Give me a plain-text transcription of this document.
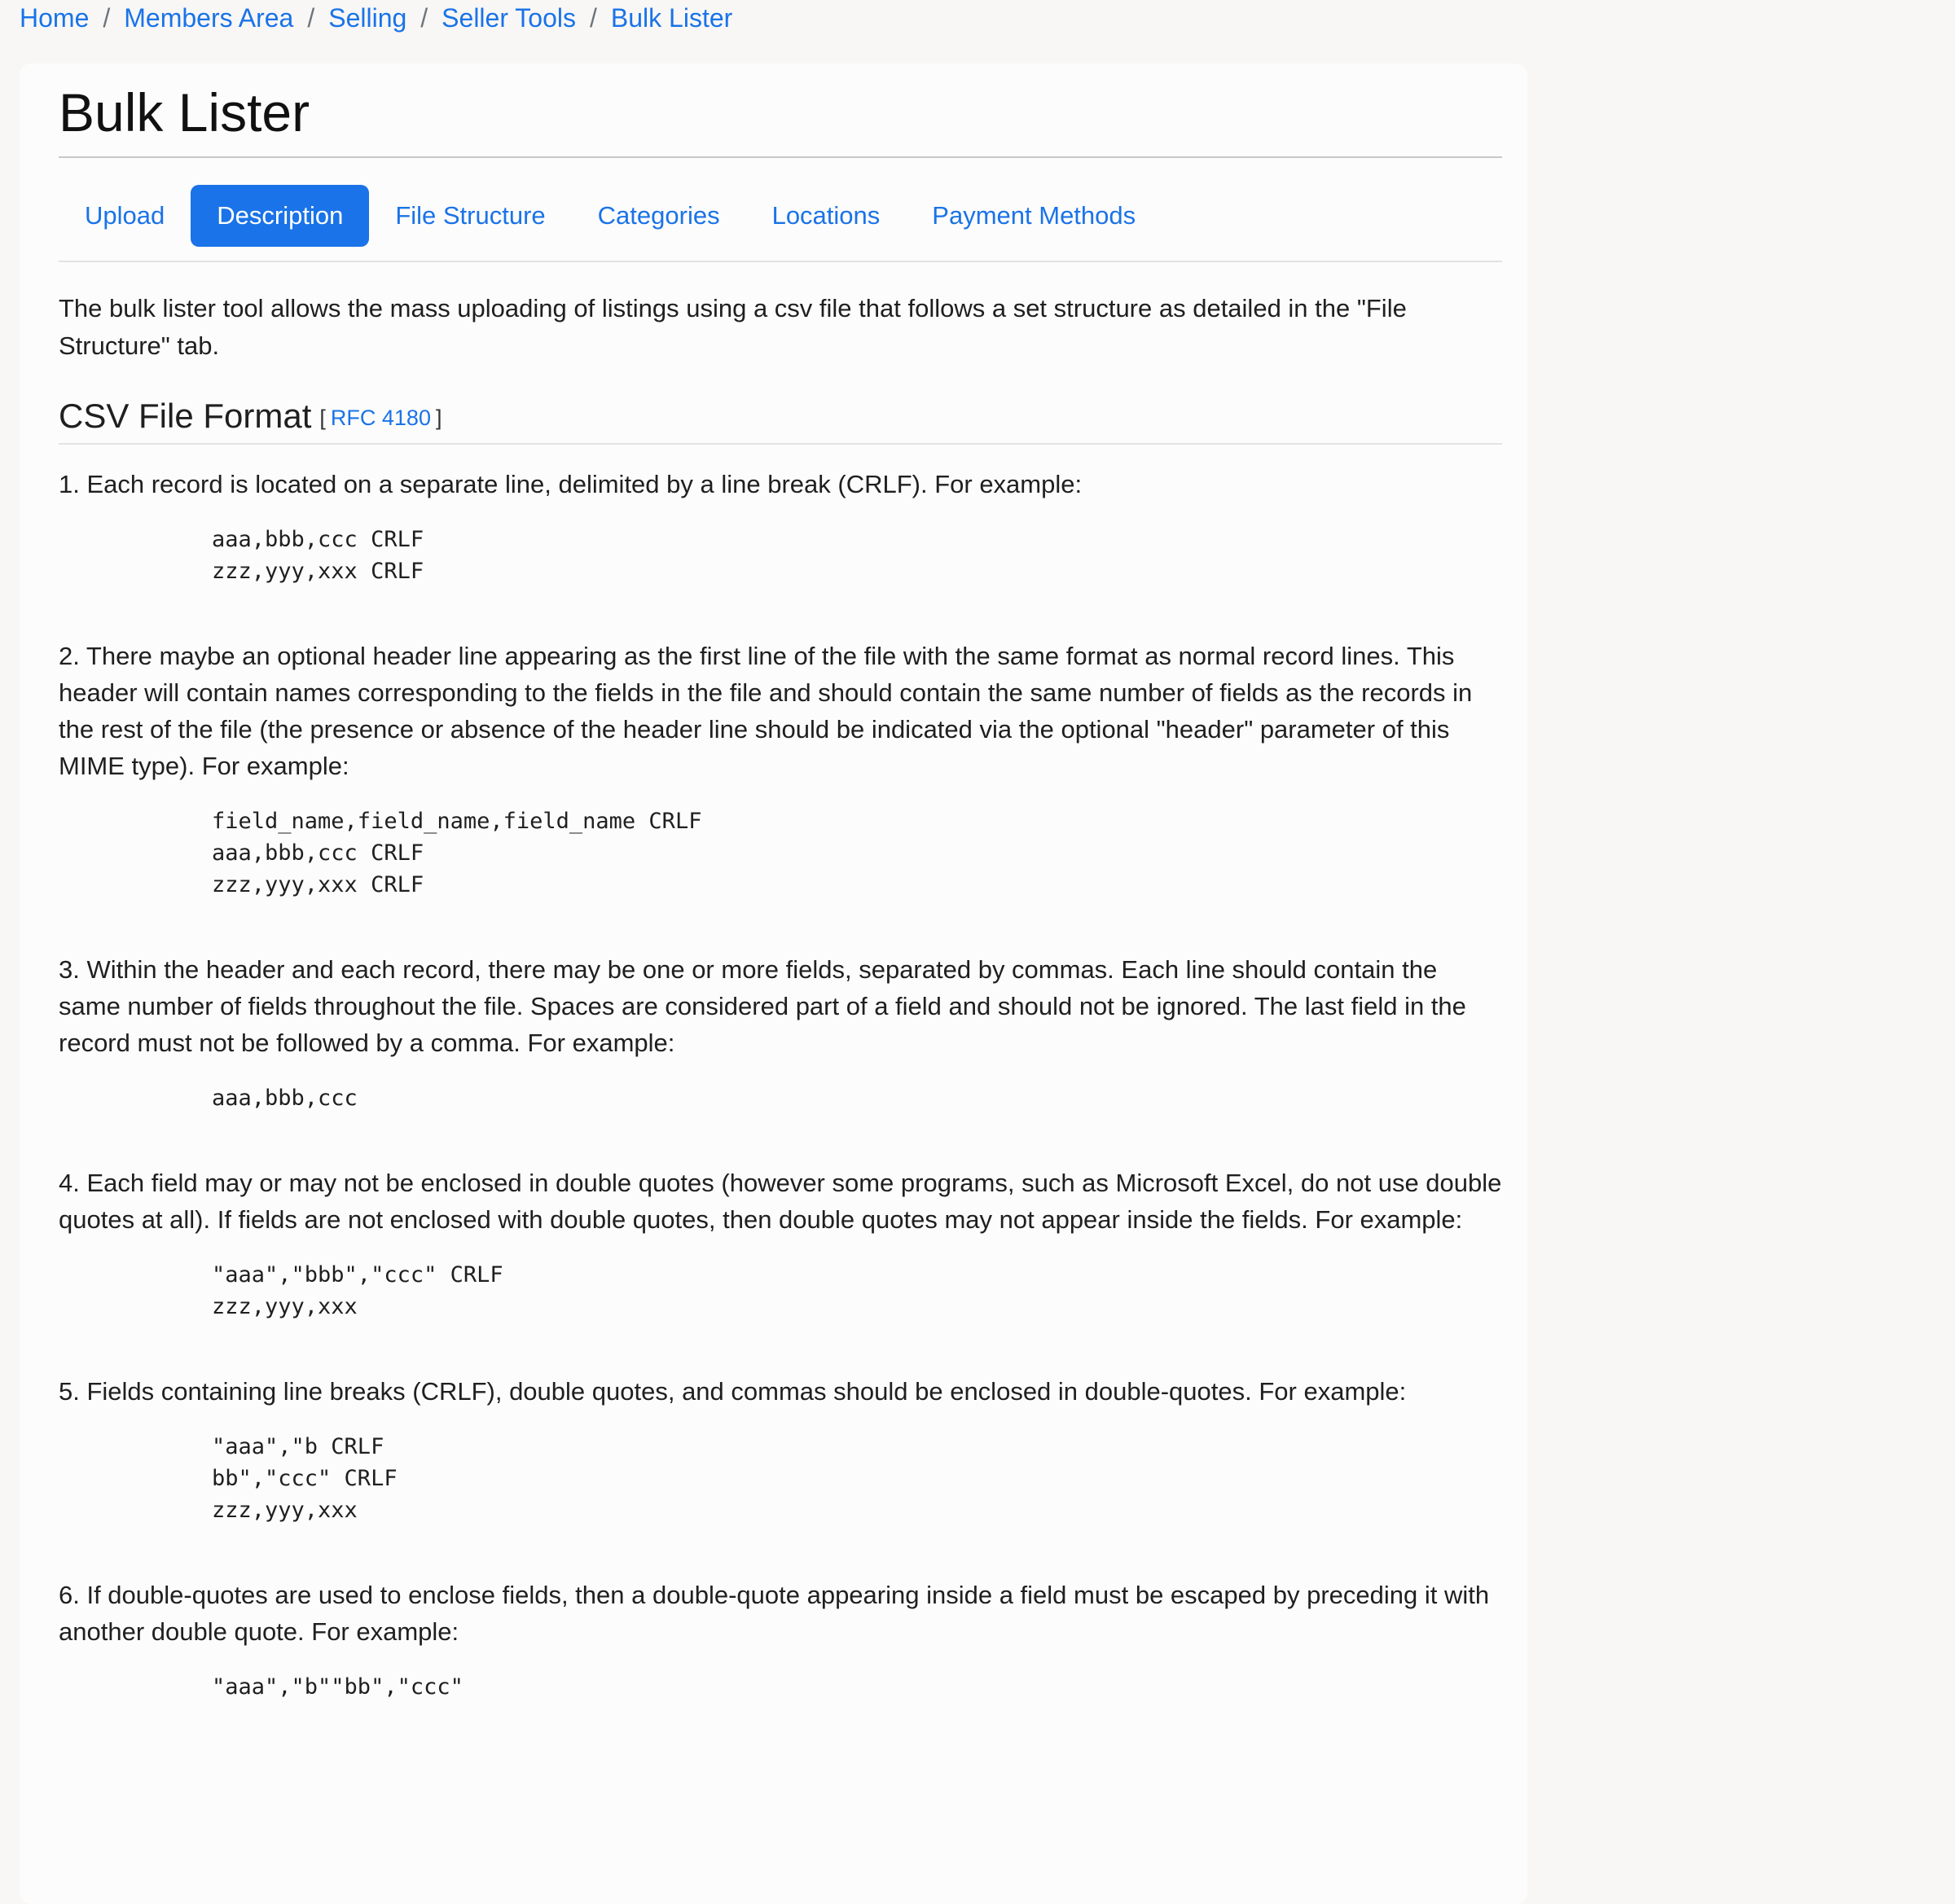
Home / Members Area / Selling / Seller Tools / Bulk Lister
Bulk Lister
Upload	Description	File Structure	Categories	Locations	Payment Methods

The bulk lister tool allows the mass uploading of listings using a csv file that follows a set structure as detailed in the "File Structure" tab.

CSV File Format [ RFC 4180 ]

1. Each record is located on a separate line, delimited by a line break (CRLF). For example:

aaa,bbb,ccc CRLF
zzz,yyy,xxx CRLF

2. There maybe an optional header line appearing as the first line of the file with the same format as normal record lines. This header will contain names corresponding to the fields in the file and should contain the same number of fields as the records in the rest of the file (the presence or absence of the header line should be indicated via the optional "header" parameter of this MIME type). For example:

field_name,field_name,field_name CRLF
aaa,bbb,ccc CRLF
zzz,yyy,xxx CRLF

3. Within the header and each record, there may be one or more fields, separated by commas. Each line should contain the same number of fields throughout the file. Spaces are considered part of a field and should not be ignored. The last field in the record must not be followed by a comma. For example:

aaa,bbb,ccc

4. Each field may or may not be enclosed in double quotes (however some programs, such as Microsoft Excel, do not use double quotes at all). If fields are not enclosed with double quotes, then double quotes may not appear inside the fields. For example:

"aaa","bbb","ccc" CRLF
zzz,yyy,xxx

5. Fields containing line breaks (CRLF), double quotes, and commas should be enclosed in double-quotes. For example:

"aaa","b CRLF
bb","ccc" CRLF
zzz,yyy,xxx

6. If double-quotes are used to enclose fields, then a double-quote appearing inside a field must be escaped by preceding it with another double quote. For example:

"aaa","b""bb","ccc"
